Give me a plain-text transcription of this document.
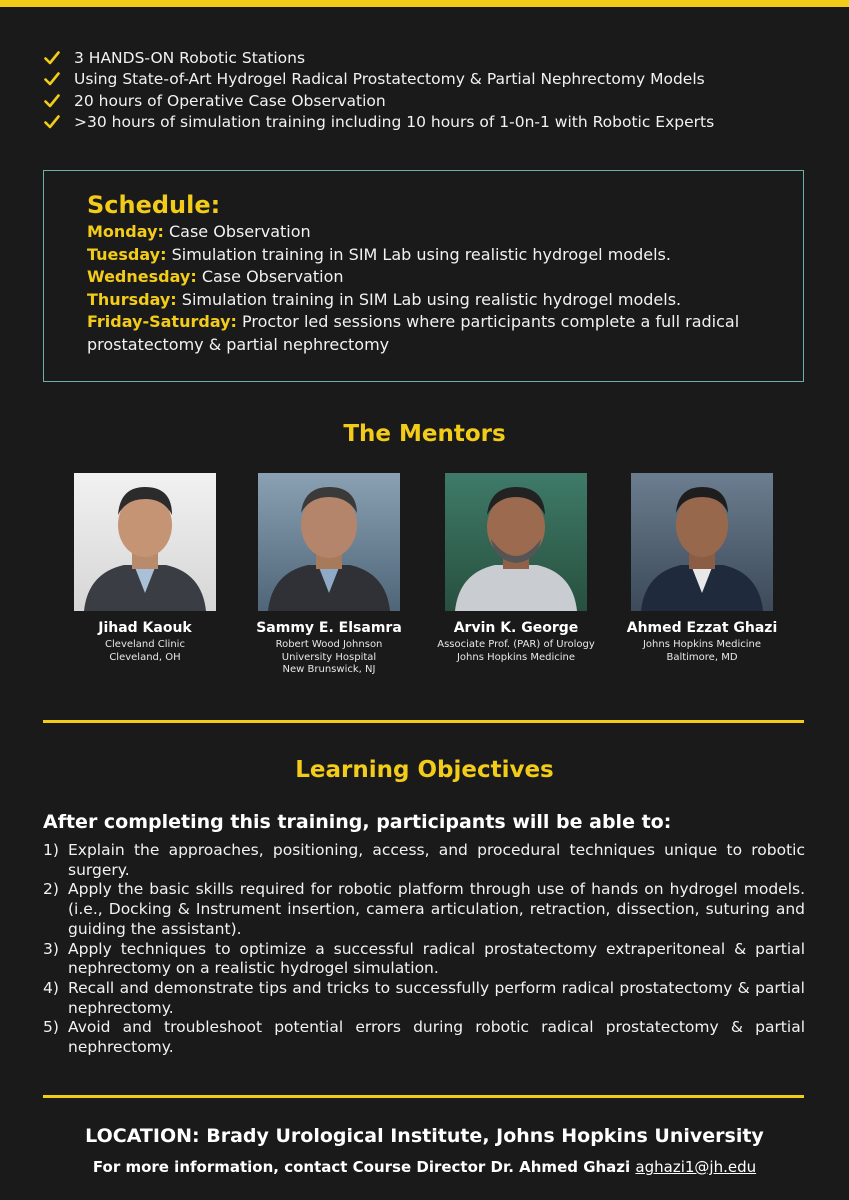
3 HANDS-ON Robotic Stations
Using State-of-Art Hydrogel Radical Prostatectomy & Partial Nephrectomy Models
20 hours of Operative Case Observation
>30 hours of simulation training including 10 hours of 1-0n-1 with Robotic Experts
Schedule:
Monday: Case Observation
Tuesday: Simulation training in SIM Lab using realistic hydrogel models.
Wednesday: Case Observation
Thursday: Simulation training in SIM Lab using realistic hydrogel models.
Friday-Saturday: Proctor led sessions where participants complete a full radical prostatectomy & partial nephrectomy
The Mentors
Jihad Kaouk
Cleveland Clinic
Cleveland, OH
Sammy E. Elsamra
Robert Wood Johnson
University Hospital
New Brunswick, NJ
Arvin K. George
Associate Prof. (PAR) of Urology
Johns Hopkins Medicine
Ahmed Ezzat Ghazi
Johns Hopkins Medicine
Baltimore, MD
Learning Objectives
After completing this training, participants will be able to:
1) Explain the approaches, positioning, access, and procedural techniques unique to robotic surgery.
2) Apply the basic skills required for robotic platform through use of hands on hydrogel models. (i.e., Docking & Instrument insertion, camera articulation, retraction, dissection, suturing and guiding the assistant).
3) Apply techniques to optimize a successful radical prostatectomy extraperitoneal & partial nephrectomy on a realistic hydrogel simulation.
4) Recall and demonstrate tips and tricks to successfully perform radical prostatectomy & partial nephrectomy.
5) Avoid and troubleshoot potential errors during robotic radical prostatectomy & partial nephrectomy.
LOCATION: Brady Urological Institute, Johns Hopkins University
For more information, contact Course Director Dr. Ahmed Ghazi aghazi1@jh.edu
